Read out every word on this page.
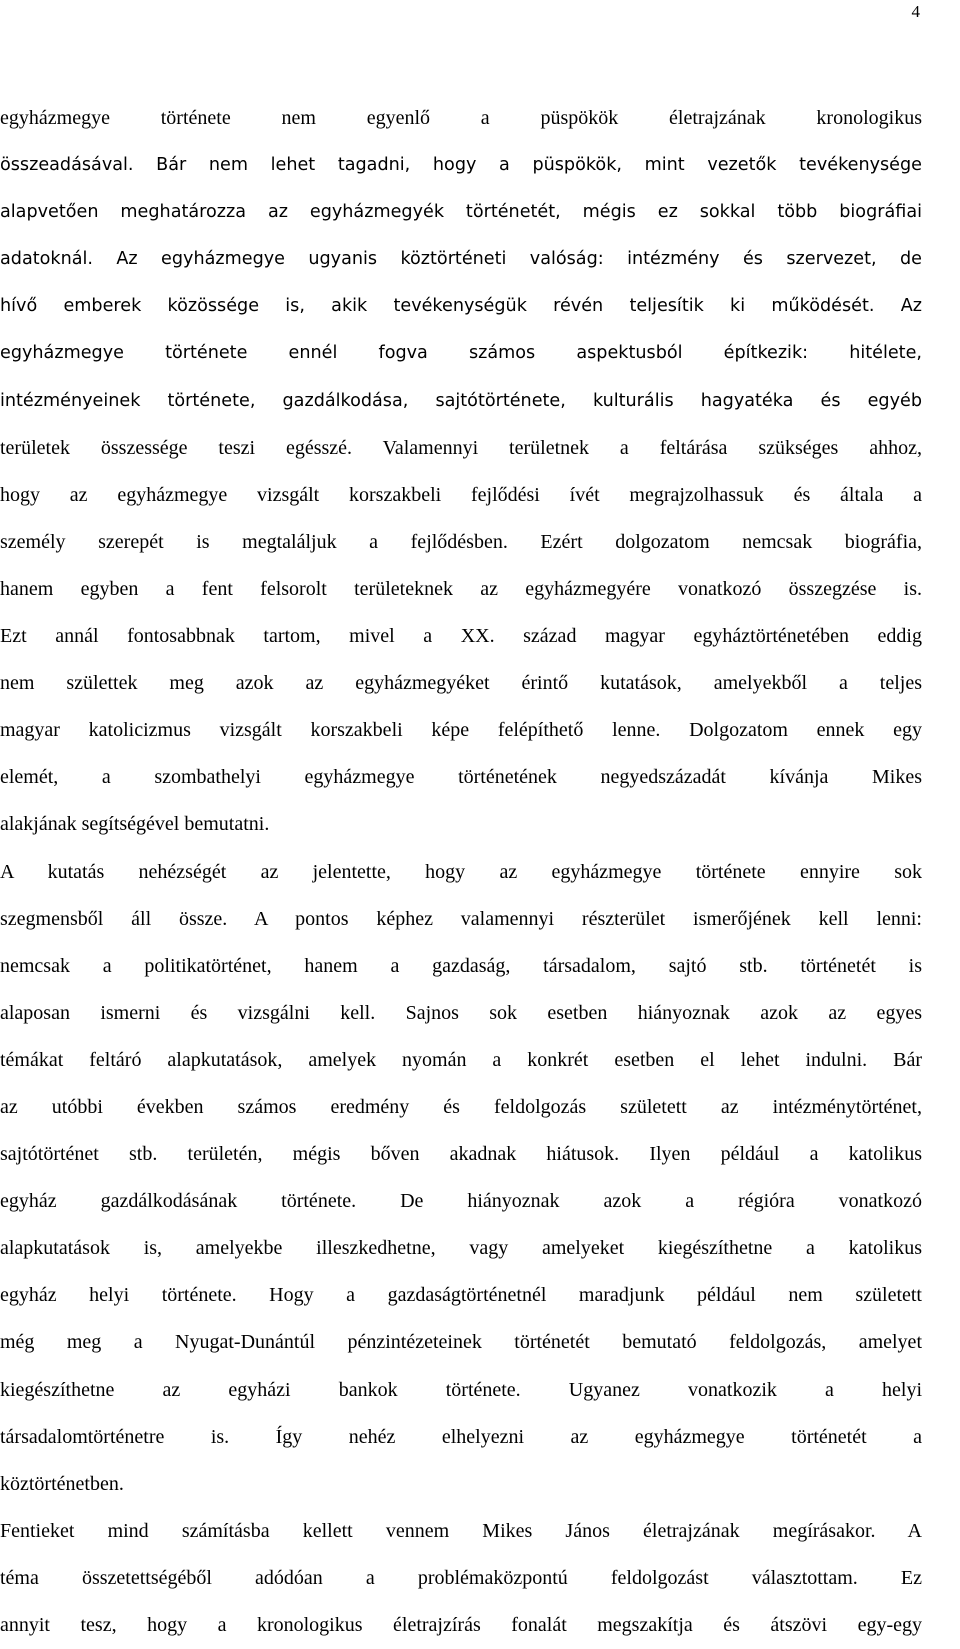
4
egyházmegye története nem egyenlő a püspökök életrajzának kronologikus
összeadásával. Bár nem lehet tagadni, hogy a püspökök, mint vezetők tevékenysége
alapvetően meghatározza az egyházmegyék történetét, mégis ez sokkal több biográfiai
adatoknál. Az egyházmegye ugyanis köztörténeti valóság: intézmény és szervezet, de
hívő emberek közössége is, akik tevékenységük révén teljesítik ki működését. Az
egyházmegye története ennél fogva számos aspektusból építkezik: hitélete,
intézményeinek története, gazdálkodása, sajtótörténete, kulturális hagyatéka és egyéb
területek összessége teszi egésszé. Valamennyi területnek a feltárása szükséges ahhoz,
hogy az egyházmegye vizsgált korszakbeli fejlődési ívét megrajzolhassuk és általa a
személy szerepét is megtaláljuk a fejlődésben. Ezért dolgozatom nemcsak biográfia,
hanem egyben a fent felsorolt területeknek az egyházmegyére vonatkozó összegzése is.
Ezt annál fontosabbnak tartom, mivel a XX. század magyar egyháztörténetében eddig
nem születtek meg azok az egyházmegyéket érintő kutatások, amelyekből a teljes
magyar katolicizmus vizsgált korszakbeli képe felépíthető lenne. Dolgozatom ennek egy
elemét, a szombathelyi egyházmegye történetének negyedszázadát kívánja Mikes
alakjának segítségével bemutatni.
A kutatás nehézségét az jelentette, hogy az egyházmegye története ennyire sok
szegmensből áll össze. A pontos képhez valamennyi részterület ismerőjének kell lenni:
nemcsak a politikatörténet, hanem a gazdaság, társadalom, sajtó stb. történetét is
alaposan ismerni és vizsgálni kell. Sajnos sok esetben hiányoznak azok az egyes
témákat feltáró alapkutatások, amelyek nyomán a konkrét esetben el lehet indulni. Bár
az utóbbi években számos eredmény és feldolgozás született az intézménytörténet,
sajtótörténet stb. területén, mégis bőven akadnak hiátusok. Ilyen például a katolikus
egyház gazdálkodásának története. De hiányoznak azok a régióra vonatkozó
alapkutatások is, amelyekbe illeszkedhetne, vagy amelyeket kiegészíthetne a katolikus
egyház helyi története. Hogy a gazdaságtörténetnél maradjunk például nem született
még meg a Nyugat-Dunántúl pénzintézeteinek történetét bemutató feldolgozás, amelyet
kiegészíthetne az egyházi bankok története. Ugyanez vonatkozik a helyi
társadalomtörténetre is. Így nehéz elhelyezni az egyházmegye történetét a
köztörténetben.
Fentieket mind számításba kellett vennem Mikes János életrajzának megírásakor. A
téma összetettségéből adódóan a problémaközpontú feldolgozást választottam. Ez
annyit tesz, hogy a kronologikus életrajzírás fonalát megszakítja és átszövi egy-egy
